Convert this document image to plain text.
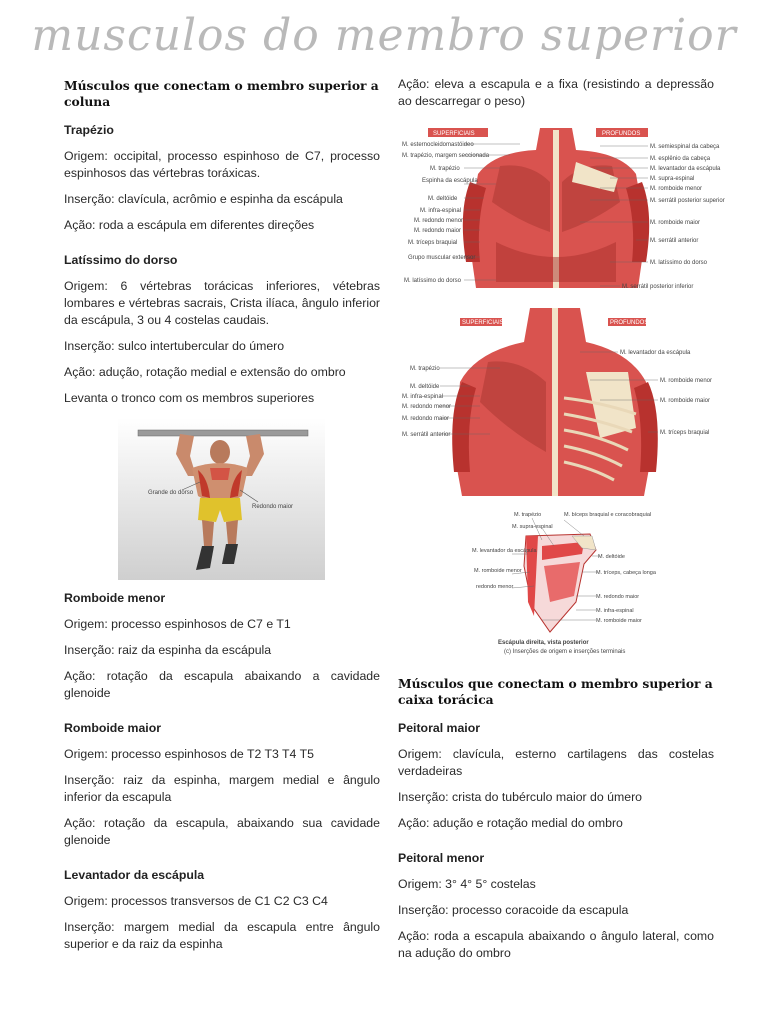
musculos do membro superior
Músculos que conectam o membro superior a coluna
Trapézio

Origem: occipital, processo espinhoso de C7, processo espinhosos das vértebras toráxicas.

Inserção: clavícula, acrômio e espinha da escápula

Ação: roda a escápula em diferentes direções

Latíssimo do dorso

Origem: 6 vértebras torácicas inferiores, vétebras lombares e vértebras sacrais, Crista ilíaca, ângulo inferior da escápula, 3 ou 4 costelas caudais.

Inserção: sulco intertubercular do úmero

Ação: adução, rotação medial e extensão do ombro

Levanta o tronco com os membros superiores

Grande do dorso
Redondo maior
Romboide menor

Origem: processo espinhosos de C7 e T1

Inserção: raiz da espinha da escápula

Ação: rotação da escapula abaixando a cavidade glenoide

Romboide maior

Origem: processo espinhosos de T2 T3 T4 T5

Inserção: raiz da espinha, margem medial e ângulo inferior da escapula

Ação: rotação da escapula, abaixando sua cavidade glenoide

Levantador da escápula

Origem: processos transversos de C1 C2 C3 C4

Inserção: margem medial da escapula entre ângulo superior e da raiz da espinha

Ação: eleva a escapula e a fixa (resistindo a depressão ao descarregar o peso)

SUPERFICIAIS	PROFUNDOS
M. esternocleidomastóideo
M. trapézio, margem seccionada
M. trapézio
Espinha da escápula
M. deltóide
M. infra-espinal
M. redondo menor
M. redondo maior
M. tríceps braquial
Grupo muscular extensor
M. latíssimo do dorso
M. semiespinal da cabeça
M. esplênio da cabeça
M. levantador da escápula
M. supra-espinal
M. romboide menor
M. serrátil posterior superior
M. romboide maior
M. serrátil anterior
M. latíssimo do dorso
M. serrátil posterior inferior
SUPERFICIAIS	PROFUNDOS
M. trapézio
M. deltóide
M. infra-espinal
M. redondo menor
M. redondo maior
M. serrátil anterior
M. levantador da escápula
M. romboide menor
M. romboide maior
M. tríceps braquial
M. trapézio	M. bíceps braquial e coracobraquial
M. supra-espinal
M. levantador da escápula
M. deltóide
M. romboide menor	M. tríceps, cabeça longa
redondo menor
M. redondo maior
M. infra-espinal
M. romboide maior
Escápula direita, vista posterior
(c) Inserções de origem e inserções terminais
Músculos que conectam o membro superior a caixa torácica
Peitoral maior

Origem: clavícula, esterno cartilagens das costelas verdadeiras

Inserção: crista do tubérculo maior do úmero

Ação: adução e rotação medial do ombro

Peitoral menor

Origem: 3° 4° 5° costelas

Inserção: processo coracoide da escapula

Ação: roda a escapula abaixando o ângulo lateral, como na adução do ombro
